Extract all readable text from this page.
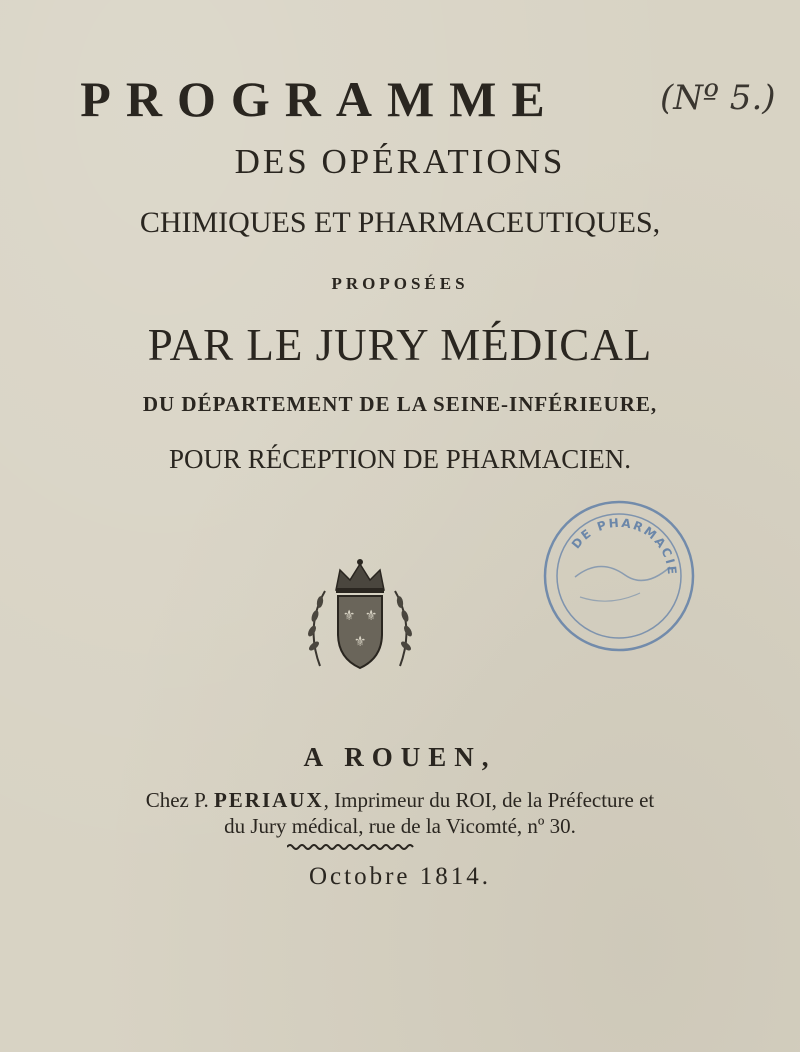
PROGRAMME	(Nº 5.)
DES OPÉRATIONS
CHIMIQUES ET PHARMACEUTIQUES,
PROPOSÉES
PAR LE JURY MÉDICAL
DU DÉPARTEMENT DE LA SEINE-INFÉRIEURE,
POUR RÉCEPTION DE PHARMACIEN.
⚜ ⚜
⚜
DE PHARMACIE
A ROUEN,
Chez P. PERIAUX, Imprimeur du ROI, de la Préfecture et
du Jury médical, rue de la Vicomté, nº 30.
Octobre 1814.
